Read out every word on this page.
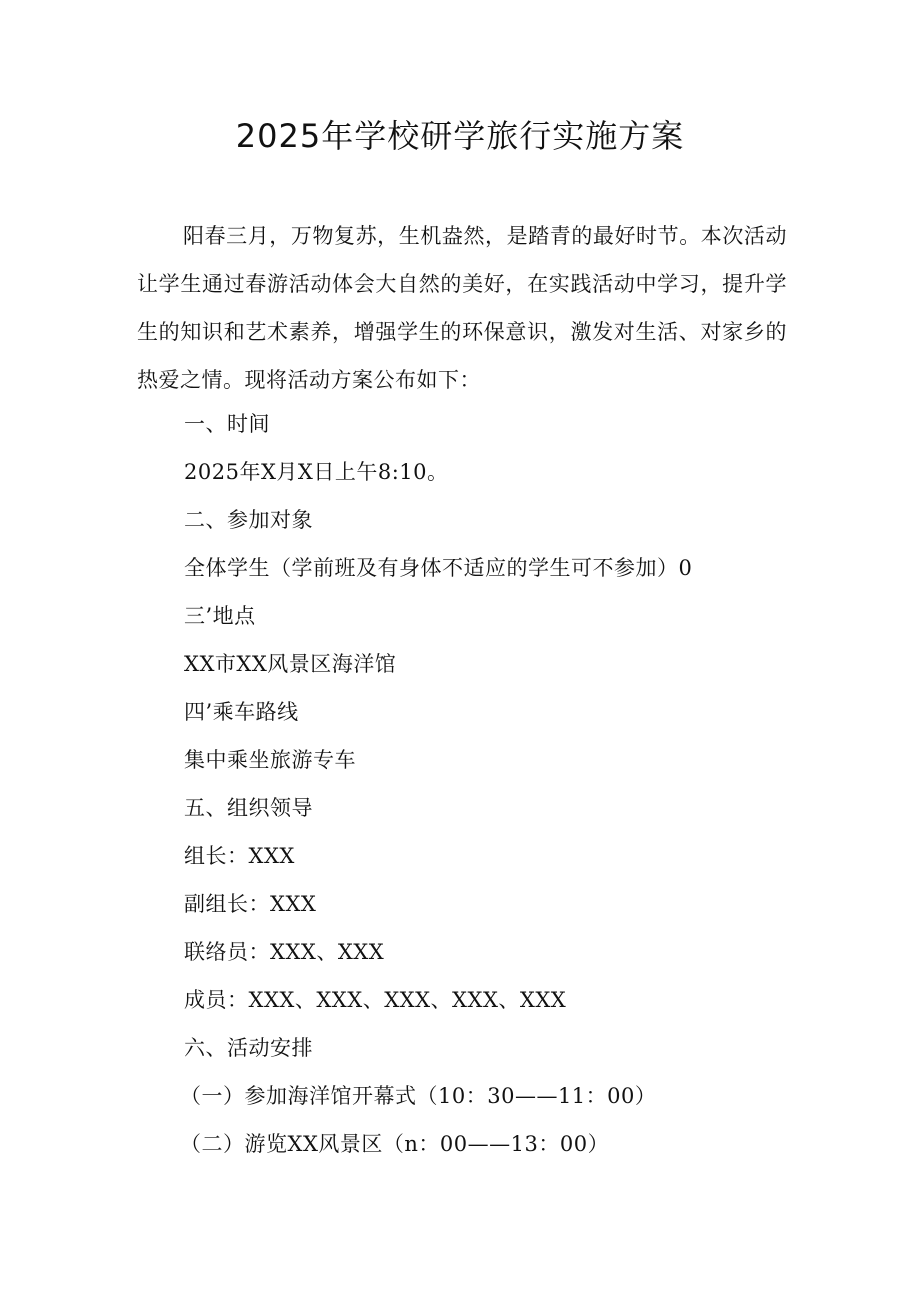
2025年学校研学旅行实施方案

阳春三月，万物复苏，生机盎然，是踏青的最好时节。本次活动让学生通过春游活动体会大自然的美好，在实践活动中学习，提升学生的知识和艺术素养，增强学生的环保意识，激发对生活、对家乡的热爱之情。现将活动方案公布如下：

一、时间

2025年X月X日上午8:10。

二、参加对象

全体学生（学前班及有身体不适应的学生可不参加）0

三’地点

XX市XX风景区海洋馆

四’乘车路线

集中乘坐旅游专车

五、组织领导

组长：XXX

副组长：XXX

联络员：XXX、XXX

成员：XXX、XXX、XXX、XXX、XXX

六、活动安排

（一）参加海洋馆开幕式（10：30——11：00）

（二）游览XX风景区（n：00——13：00）
